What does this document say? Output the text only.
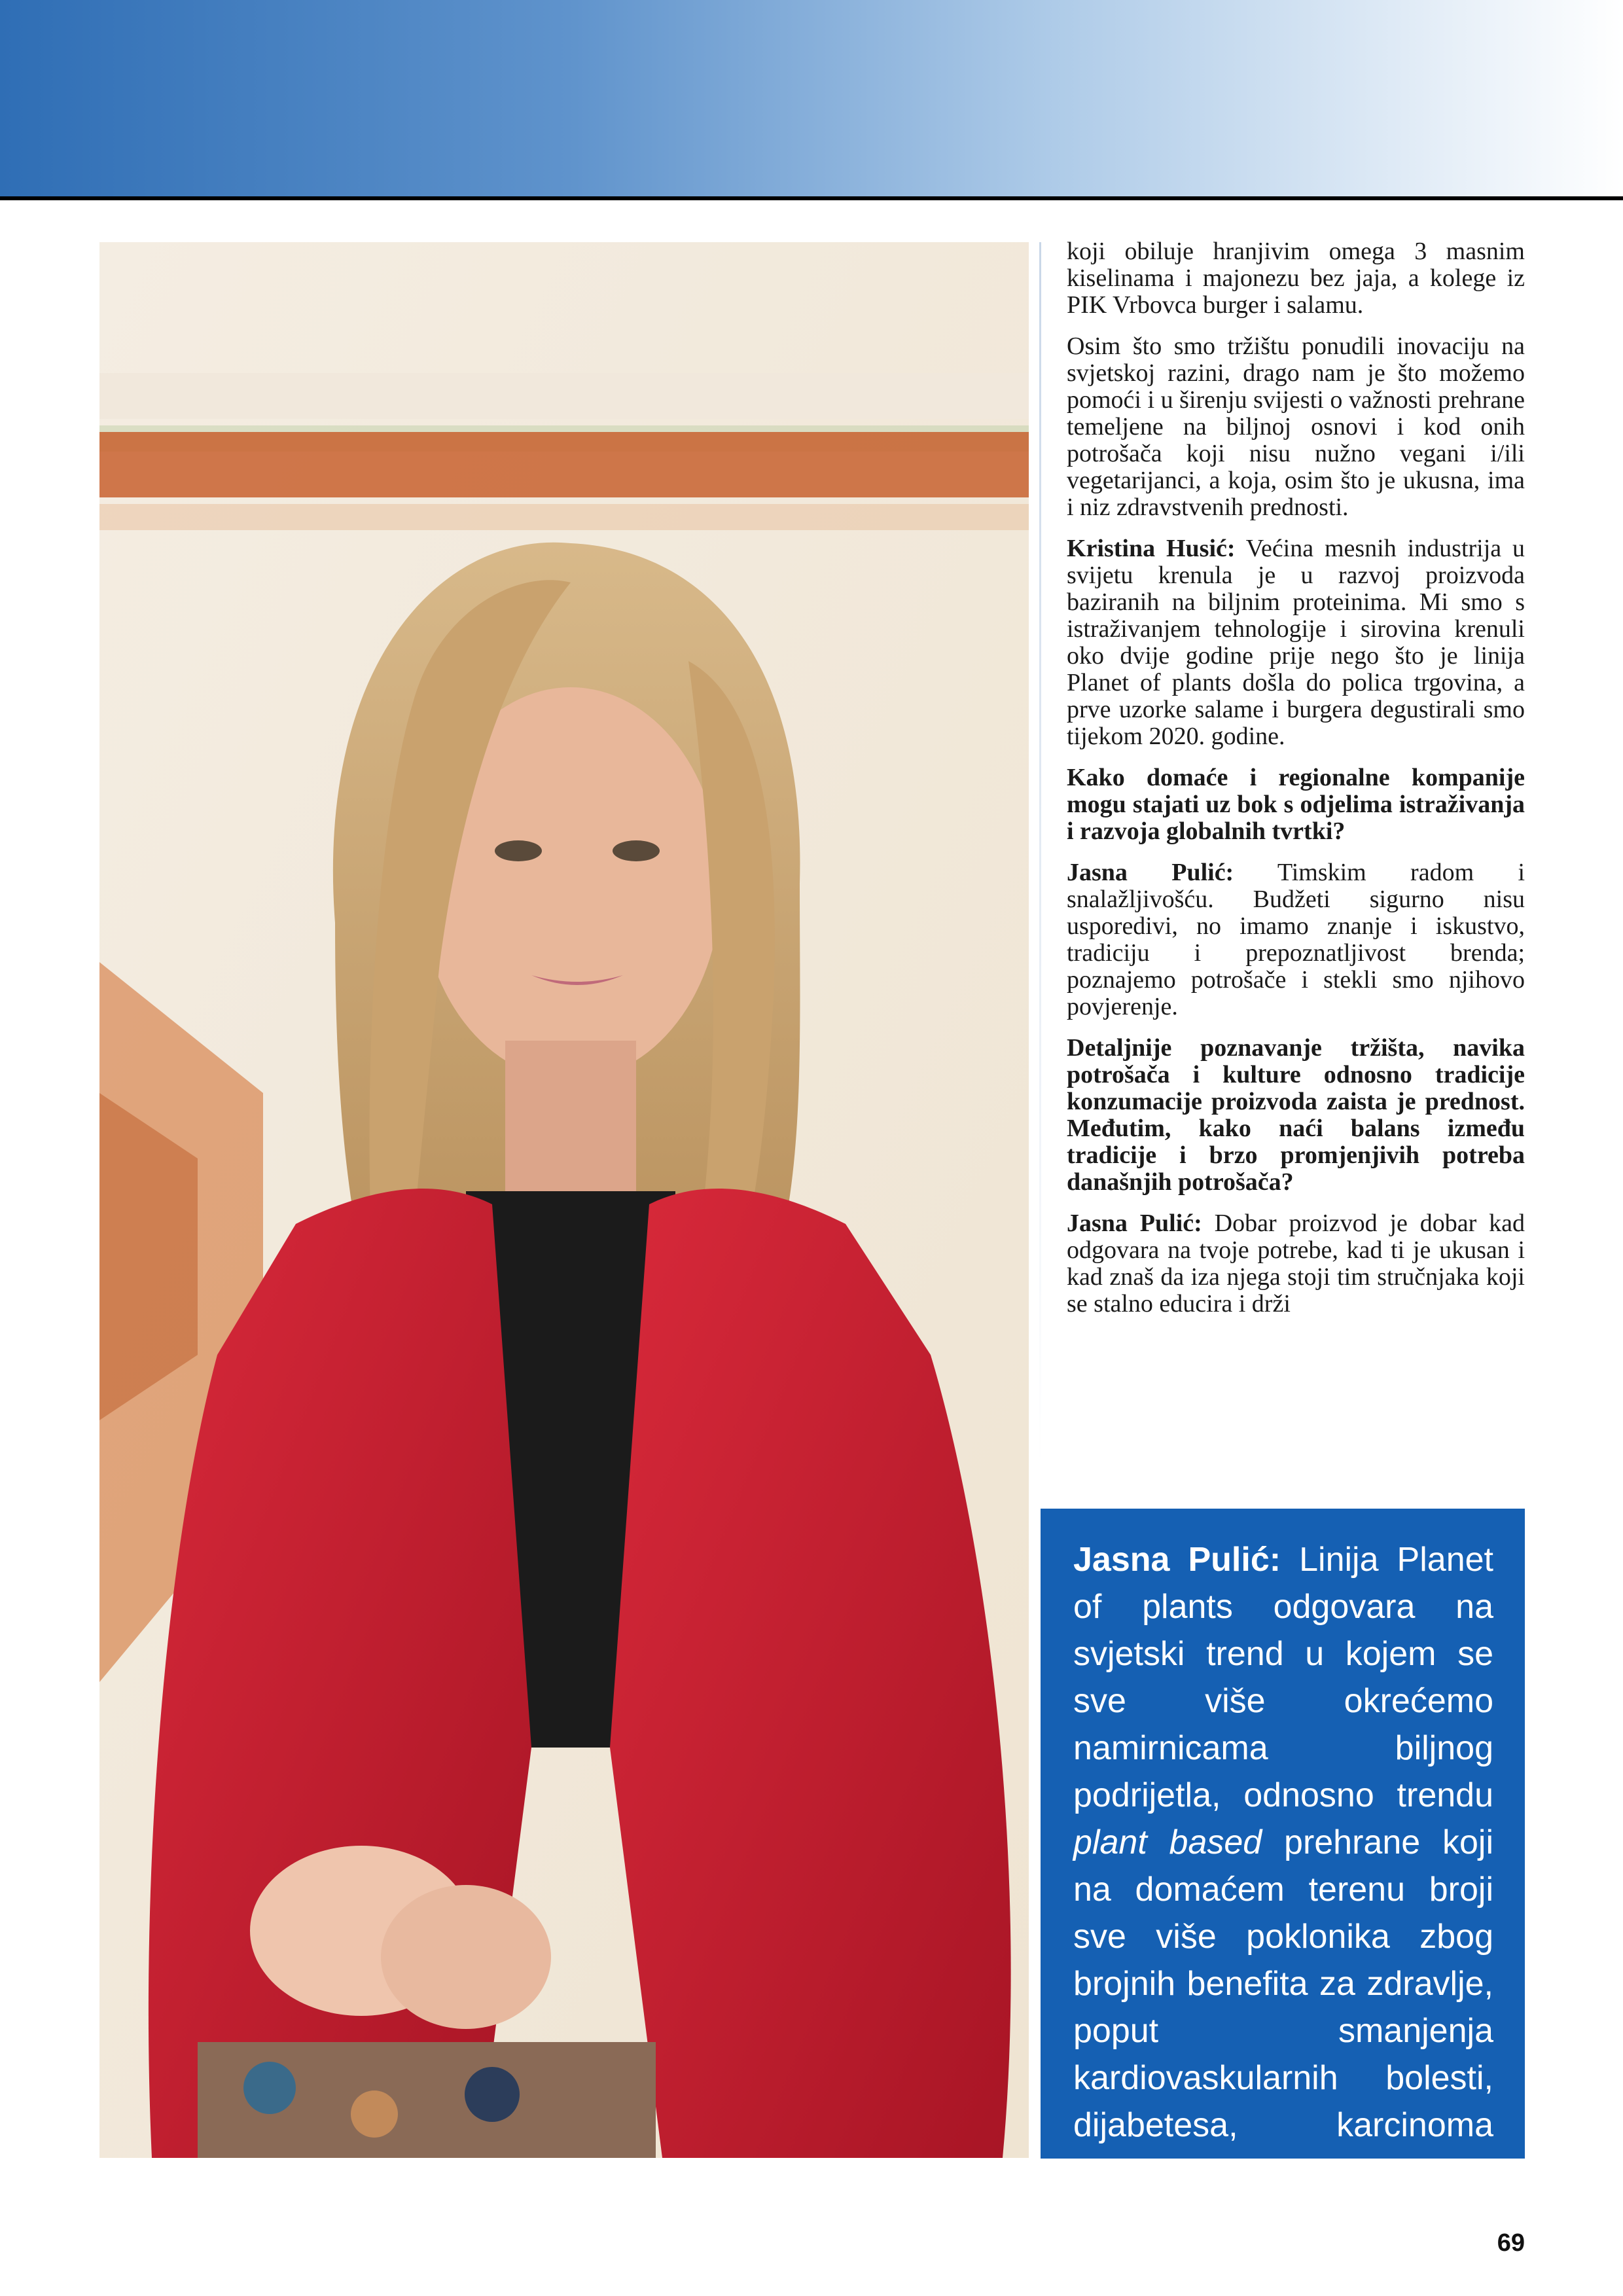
koji obiluje hranjivim omega 3 masnim kiselinama i majonezu bez jaja, a kolege iz PIK Vrbovca burger i salamu.

Osim što smo tržištu ponudili inovaciju na svjetskoj razini, drago nam je što možemo pomoći i u širenju svijesti o važnosti prehrane temeljene na biljnoj osnovi i kod onih potrošača koji nisu nužno vegani i/ili vegetarijanci, a koja, osim što je ukusna, ima i niz zdravstvenih prednosti.

Kristina Husić: Većina mesnih industrija u svijetu krenula je u razvoj proizvoda baziranih na biljnim proteinima. Mi smo s istraživanjem tehnologije i sirovina krenuli oko dvije godine prije nego što je linija Planet of plants došla do polica trgovina, a prve uzorke salame i burgera degustirali smo tijekom 2020. godine.

Kako domaće i regionalne kompanije mogu stajati uz bok s odjelima istraživanja i razvoja globalnih tvrtki?

Jasna Pulić: Timskim radom i snalažljivošću. Budžeti sigurno nisu usporedivi, no imamo znanje i iskustvo, tradiciju i prepoznatljivost brenda; poznajemo potrošače i stekli smo njihovo povjerenje.

Detaljnije poznavanje tržišta, navika potrošača i kulture odnosno tradicije konzumacije proizvoda zaista je prednost. Međutim, kako naći balans između tradicije i brzo promjenjivih potreba današnjih potrošača?

Jasna Pulić: Dobar proizvod je dobar kad odgovara na tvoje potrebe, kad ti je ukusan i kad znaš da iza njega stoji tim stručnjaka koji se stalno educira i drži

Jasna Pulić: Linija Planet of plants odgovara na svjetski trend u kojem se sve više okrećemo namirnicama biljnog podrijetla, odnosno trendu plant based prehrane koji na domaćem terenu broji sve više poklonika zbog brojnih benefita za zdravlje, poput smanjenja kardiovaskularnih bolesti, dijabetesa, karcinoma debelog crijeva, dojke i prostate te depresije.
69
